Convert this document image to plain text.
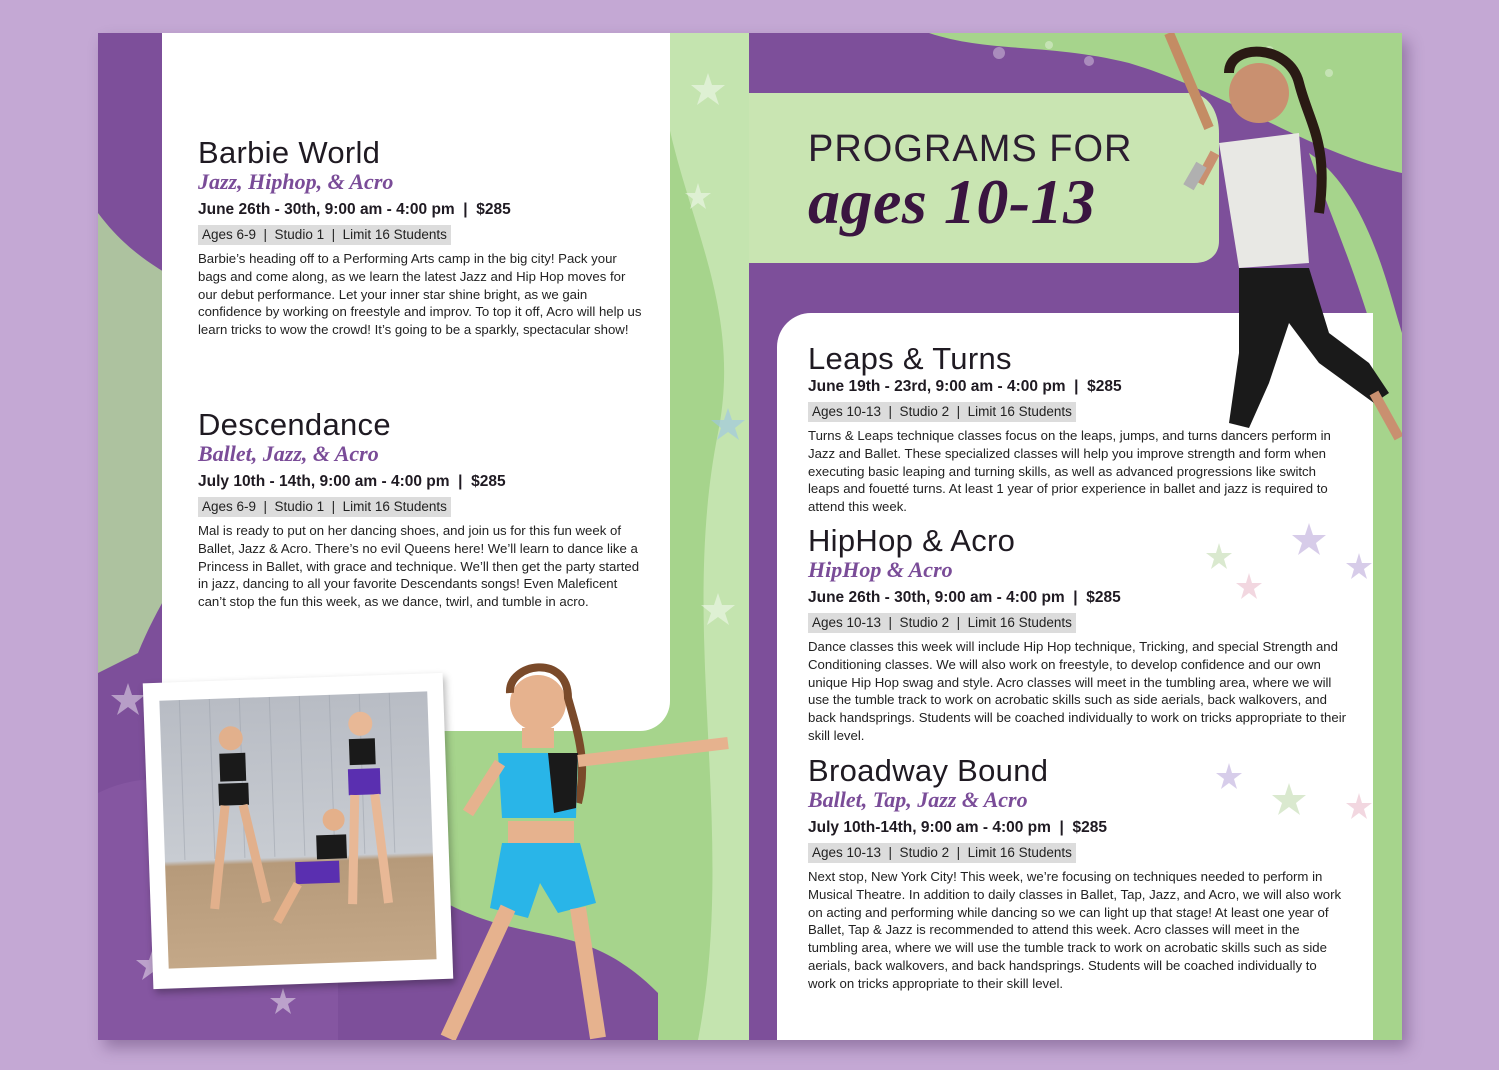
Barbie World
Jazz, Hiphop, & Acro
June 26th - 30th, 9:00 am - 4:00 pm  |  $285
Ages 6-9  |  Studio 1  |  Limit 16 Students

Barbie’s heading off to a Performing Arts camp in the big city! Pack your bags and come along, as we learn the latest Jazz and Hip Hop moves for our debut performance. Let your inner star shine bright, as we gain confidence by working on freestyle and improv. To top it off, Acro will help us learn tricks to wow the crowd! It’s going to be a sparkly, spectacular show!

Descendance
Ballet, Jazz, & Acro
July 10th - 14th, 9:00 am - 4:00 pm  |  $285
Ages 6-9  |  Studio 1  |  Limit 16 Students

Mal is ready to put on her dancing shoes, and join us for this fun week of Ballet, Jazz & Acro. There’s no evil Queens here! We’ll learn to dance like a Princess in Ballet, with grace and technique. We’ll then get the party started in jazz, dancing to all your favorite Descendants songs! Even Maleficent can’t stop the fun this week, as we dance, twirl, and tumble in acro.

PROGRAMS FOR
ages 10-13
Leaps & Turns
June 19th - 23rd, 9:00 am - 4:00 pm  |  $285
Ages 10-13  |  Studio 2  |  Limit 16 Students

Turns & Leaps technique classes focus on the leaps, jumps, and turns dancers perform in Jazz and Ballet. These specialized classes will help you improve strength and form when executing basic leaping and turning skills, as well as advanced progressions like switch leaps and fouetté turns. At least 1 year of prior experience in ballet and jazz is required to attend this week.

HipHop & Acro
HipHop & Acro
June 26th - 30th, 9:00 am - 4:00 pm  |  $285
Ages 10-13  |  Studio 2  |  Limit 16 Students

Dance classes this week will include Hip Hop technique, Tricking, and special Strength and Conditioning classes. We will also work on freestyle, to develop confidence and our own unique Hip Hop swag and style. Acro classes will meet in the tumbling area, where we will use the tumble track to work on acrobatic skills such as side aerials, back walkovers, and back handsprings. Students will be coached individually to work on tricks appropriate to their skill level.

Broadway Bound
Ballet, Tap, Jazz & Acro
July 10th-14th, 9:00 am - 4:00 pm  |  $285
Ages 10-13  |  Studio 2  |  Limit 16 Students

Next stop, New York City! This week, we’re focusing on techniques needed to perform in Musical Theatre. In addition to daily classes in Ballet, Tap, Jazz, and Acro, we will also work on acting and performing while dancing so we can light up that stage! At least one year of Ballet, Tap & Jazz is recommended to attend this week. Acro classes will meet in the tumbling area, where we will use the tumble track to work on acrobatic skills such as side aerials, back walkovers, and back handsprings. Students will be coached individually to work on tricks appropriate to their skill level.
